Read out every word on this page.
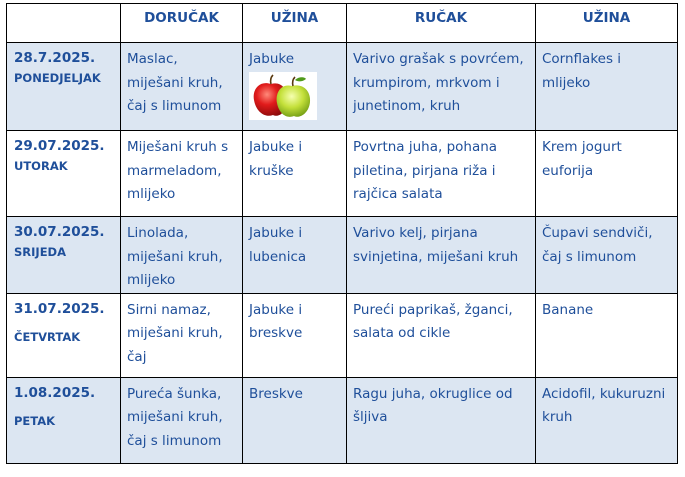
	DORUČAK	UŽINA	RUČAK	UŽINA

28.7.2025.
PONEDJELJAK	Maslac, miješani kruh, čaj s limunom	Jabuke	Varivo grašak s povrćem, krumpirom, mrkvom i junetinom, kruh	Cornflakes i mlijeko

29.07.2025.
UTORAK	Miješani kruh s marmeladom, mlijeko	Jabuke i kruške	Povrtna juha, pohana piletina, pirjana riža i rajčica salata	Krem jogurt euforija

30.07.2025.
SRIJEDA	Linolada, miješani kruh, mlijeko	Jabuke i lubenica	Varivo kelj, pirjana svinjetina, miješani kruh	Čupavi sendviči, čaj s limunom

31.07.2025.
ČETVRTAK	Sirni namaz, miješani kruh, čaj	Jabuke i breskve	Pureći paprikaš, žganci, salata od cikle	Banane

1.08.2025.
PETAK	Pureća šunka, miješani kruh, čaj s limunom	Breskve	Ragu juha, okruglice od šljiva	Acidofil, kukuruzni kruh
